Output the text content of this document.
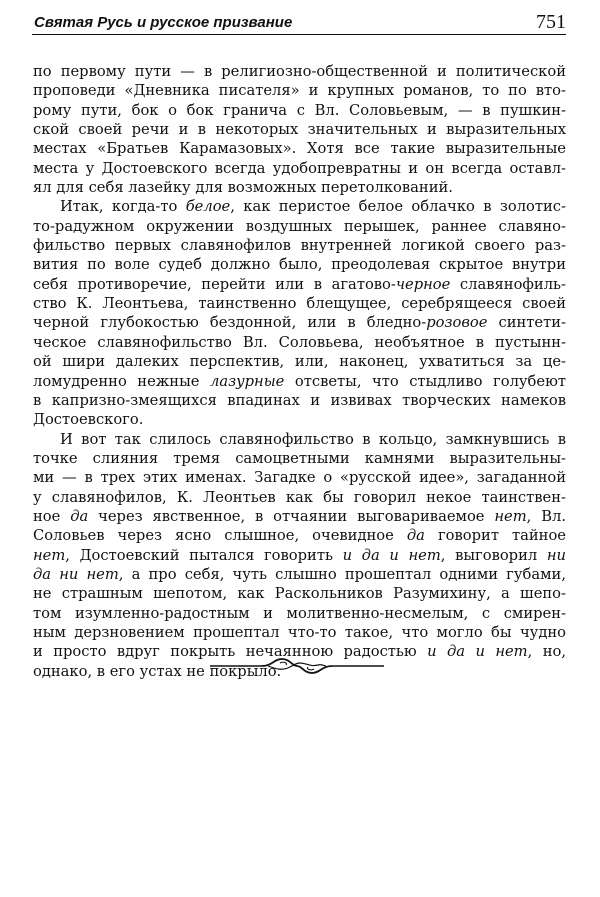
Святая Русь и русское призвание	751
по первому пути — в религиозно-общественной и политической
проповеди «Дневника писателя» и крупных романов, то по вто-
рому пути, бок о бок гранича с Вл. Соловьевым, — в пушкин-
ской своей речи и в некоторых значительных и выразительных
местах «Братьев Карамазовых». Хотя все такие выразительные
места у Достоевского всегда удобопревратны и он всегда оставл-
ял для себя лазейку для возможных перетолкований.
Итак, когда-то белое, как перистое белое облачко в золотис-
то-радужном окружении воздушных перышек, раннее славяно-
фильство первых славянофилов внутренней логикой своего раз-
вития по воле судеб должно было, преодолевая скрытое внутри
себя противоречие, перейти или в агатово-черное славянофиль-
ство К. Леонтьева, таинственно блещущее, серебрящееся своей
черной глубокостью бездонной, или в бледно-розовое синтети-
ческое славянофильство Вл. Соловьева, необъятное в пустынн-
ой шири далеких перспектив, или, наконец, ухватиться за це-
ломудренно нежные лазурные отсветы, что стыдливо голубеют
в капризно-змеящихся впадинах и извивах творческих намеков
Достоевского.
И вот так слилось славянофильство в кольцо, замкнувшись в
точке слияния тремя самоцветными камнями выразительны-
ми — в трех этих именах. Загадке о «русской идее», загаданной
у славянофилов, К. Леонтьев как бы говорил некое таинствен-
ное да через явственное, в отчаянии выговариваемое нет, Вл.
Соловьев через ясно слышное, очевидное да говорит тайное
нет, Достоевский пытался говорить и да и нет, выговорил ни
да ни нет, а про себя, чуть слышно прошептал одними губами,
не страшным шепотом, как Раскольников Разумихину, а шепо-
том изумленно-радостным и молитвенно-несмелым, с смирен-
ным дерзновением прошептал что-то такое, что могло бы чудно
и просто вдруг покрыть нечаянною радостью и да и нет, но,
однако, в его устах не покрыло.
